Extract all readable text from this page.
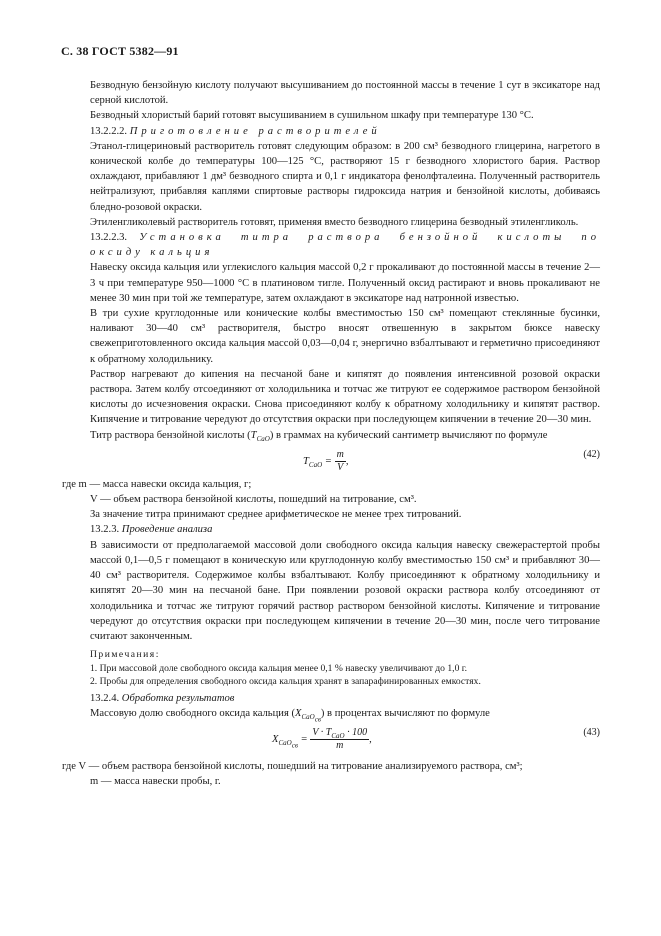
С. 38 ГОСТ 5382—91

Безводную бензойную кислоту получают высушиванием до постоянной массы в течение 1 сут в эксикаторе над серной кислотой.

Безводный хлористый барий готовят высушиванием в сушильном шкафу при температуре 130 °С.

13.2.2.2. Приготовление растворителей

Этанол-глицериновый растворитель готовят следующим образом: в 200 см³ безводного глицерина, нагретого в конической колбе до температуры 100—125 °С, растворяют 15 г безводного хлористого бария. Раствор охлаждают, прибавляют 1 дм³ безводного спирта и 0,1 г индикатора фенолфталеина. Полученный растворитель нейтрализуют, прибавляя каплями спиртовые растворы гидроксида натрия и бензойной кислоты, добиваясь бледно-розовой окраски.

Этиленгликолевый растворитель готовят, применяя вместо безводного глицерина безводный этиленгликоль.

13.2.2.3. Установка титра раствора бензойной кислоты по оксиду кальция

Навеску оксида кальция или углекислого кальция массой 0,2 г прокаливают до постоянной массы в течение 2—3 ч при температуре 950—1000 °С в платиновом тигле. Полученный оксид растирают и вновь прокаливают не менее 30 мин при той же температуре, затем охлаждают в эксикаторе над натронной известью.

В три сухие круглодонные или конические колбы вместимостью 150 см³ помещают стеклянные бусинки, наливают 30—40 см³ растворителя, быстро вносят отвешенную в закрытом бюксе навеску свежеприготовленного оксида кальция массой 0,03—0,04 г, энергично взбалтывают и герметично присоединяют к обратному холодильнику.

Раствор нагревают до кипения на песчаной бане и кипятят до появления интенсивной розовой окраски раствора. Затем колбу отсоединяют от холодильника и тотчас же титруют ее содержимое раствором бензойной кислоты до исчезновения окраски. Снова присоединяют колбу к обратному холодильнику и кипятят раствор. Кипячение и титрование чередуют до отсутствия окраски при последующем кипячении в течение 20—30 мин.

Титр раствора бензойной кислоты $(T_{CaO})$ в граммах на кубический сантиметр вычисляют по формуле

$T_{CaO} = \frac{m}{V}$ ,
(42)

где m — масса навески оксида кальция, г;

V — объем раствора бензойной кислоты, пошедший на титрование, см³.

За значение титра принимают среднее арифметическое не менее трех титрований.

13.2.3. Проведение анализа

В зависимости от предполагаемой массовой доли свободного оксида кальция навеску свежерастертой пробы массой 0,1—0,5 г помещают в коническую или круглодонную колбу вместимостью 150 см³ и прибавляют 30—40 см³ растворителя. Содержимое колбы взбалтывают. Колбу присоединяют к обратному холодильнику и кипятят 20—30 мин на песчаной бане. При появлении розовой окраски раствора колбу отсоединяют от холодильника и тотчас же титруют горячий раствор раствором бензойной кислоты. Кипячение и титрование чередуют до отсутствия окраски при последующем кипячении в течение 20—30 мин, после чего титрование считают законченным.

Примечания:
1. При массовой доле свободного оксида кальция менее 0,1 % навеску увеличивают до 1,0 г.
2. Пробы для определения свободного оксида кальция хранят в запарафинированных емкостях.

13.2.4. Обработка результатов

Массовую долю свободного оксида кальция $(X_{CaO_{св}})$ в процентах вычисляют по формуле

$X_{CaO_{св}} = \frac{V \cdot T_{CaO} \cdot 100}{m}$ ,
(43)

где V — объем раствора бензойной кислоты, пошедший на титрование анализируемого раствора, см³;

m — масса навески пробы, г.
